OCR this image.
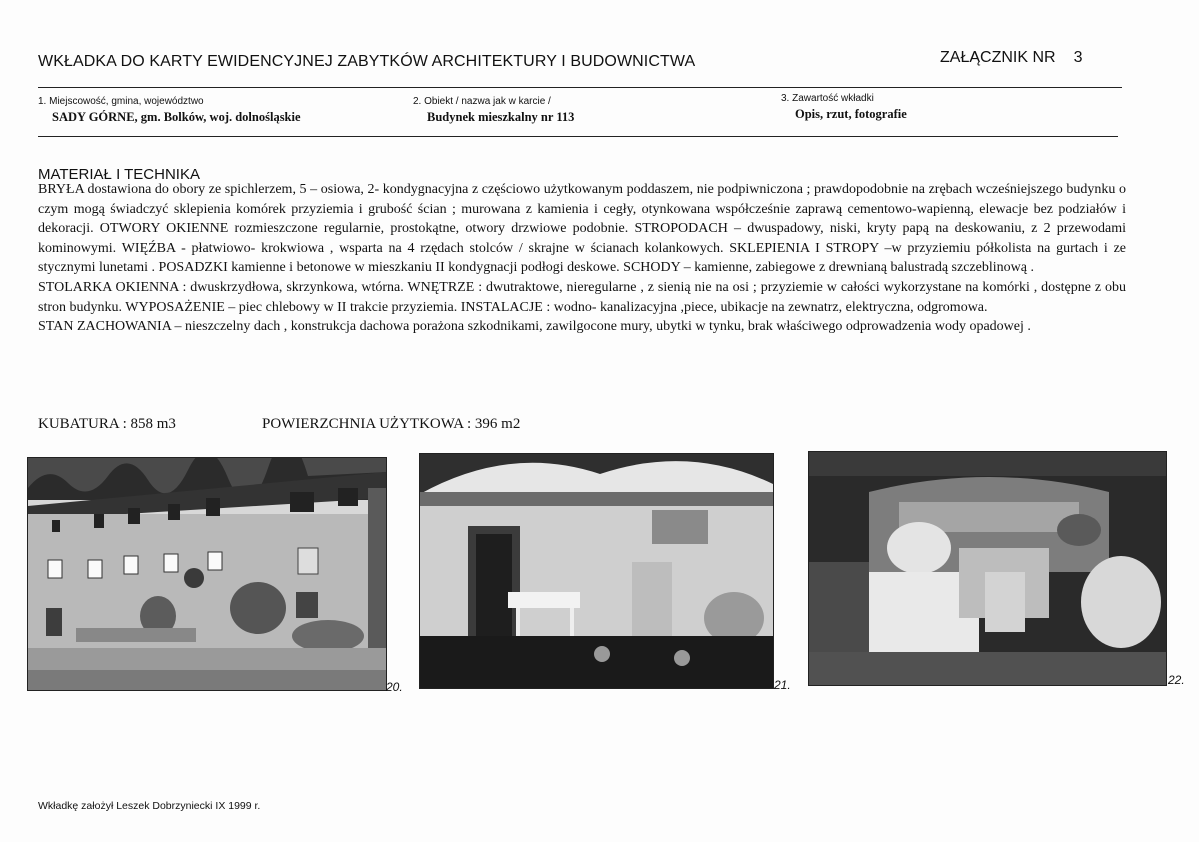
WKŁADKA DO KARTY EWIDENCYJNEJ ZABYTKÓW ARCHITEKTURY I BUDOWNICTWA	ZAŁĄCZNIK NR 3
1. Miejscowość, gmina, województwo
SADY GÓRNE, gm. Bolków, woj. dolnośląskie
2. Obiekt / nazwa jak w karcie /
Budynek mieszkalny nr 113
3. Zawartość wkładki
Opis, rzut, fotografie
MATERIAŁ I TECHNIKA

BRYŁA dostawiona do obory ze spichlerzem, 5 – osiowa, 2- kondygnacyjna z częściowo użytkowanym poddaszem, nie podpiwniczona ; prawdopodobnie na zrębach wcześniejszego budynku o czym mogą świadczyć sklepienia komórek przyziemia i grubość ścian ; murowana z kamienia i cegły, otynkowana współcześnie zaprawą cementowo-wapienną, elewacje bez podziałów i dekoracji. OTWORY OKIENNE rozmieszczone regularnie, prostokątne, otwory drzwiowe podobnie. STROPODACH – dwuspadowy, niski, kryty papą na deskowaniu, z 2 przewodami kominowymi. WIĘŹBA - płatwiowo- krokwiowa , wsparta na 4 rzędach stolców / skrajne w ścianach kolankowych. SKLEPIENIA I STROPY –w przyziemiu półkolista na gurtach i ze stycznymi lunetami . POSADZKI kamienne i betonowe w mieszkaniu II kondygnacji podłogi deskowe. SCHODY – kamienne, zabiegowe z drewnianą balustradą szczeblinową .

STOLARKA OKIENNA : dwuskrzydłowa, skrzynkowa, wtórna. WNĘTRZE : dwutraktowe, nieregularne , z sienią nie na osi ; przyziemie w całości wykorzystane na komórki , dostępne z obu stron budynku. WYPOSAŻENIE – piec chlebowy w II trakcie przyziemia. INSTALACJE : wodno- kanalizacyjna ,piece, ubikacje na zewnatrz, elektryczna, odgromowa.

STAN ZACHOWANIA – nieszczelny dach , konstrukcja dachowa porażona szkodnikami, zawilgocone mury, ubytki w tynku, brak właściwego odprowadzenia wody opadowej .

KUBATURA : 858 m3	POWIERZCHNIA UŻYTKOWA : 396 m2
20.	21.	22.
Wkładkę założył Leszek Dobrzyniecki IX 1999 r.
